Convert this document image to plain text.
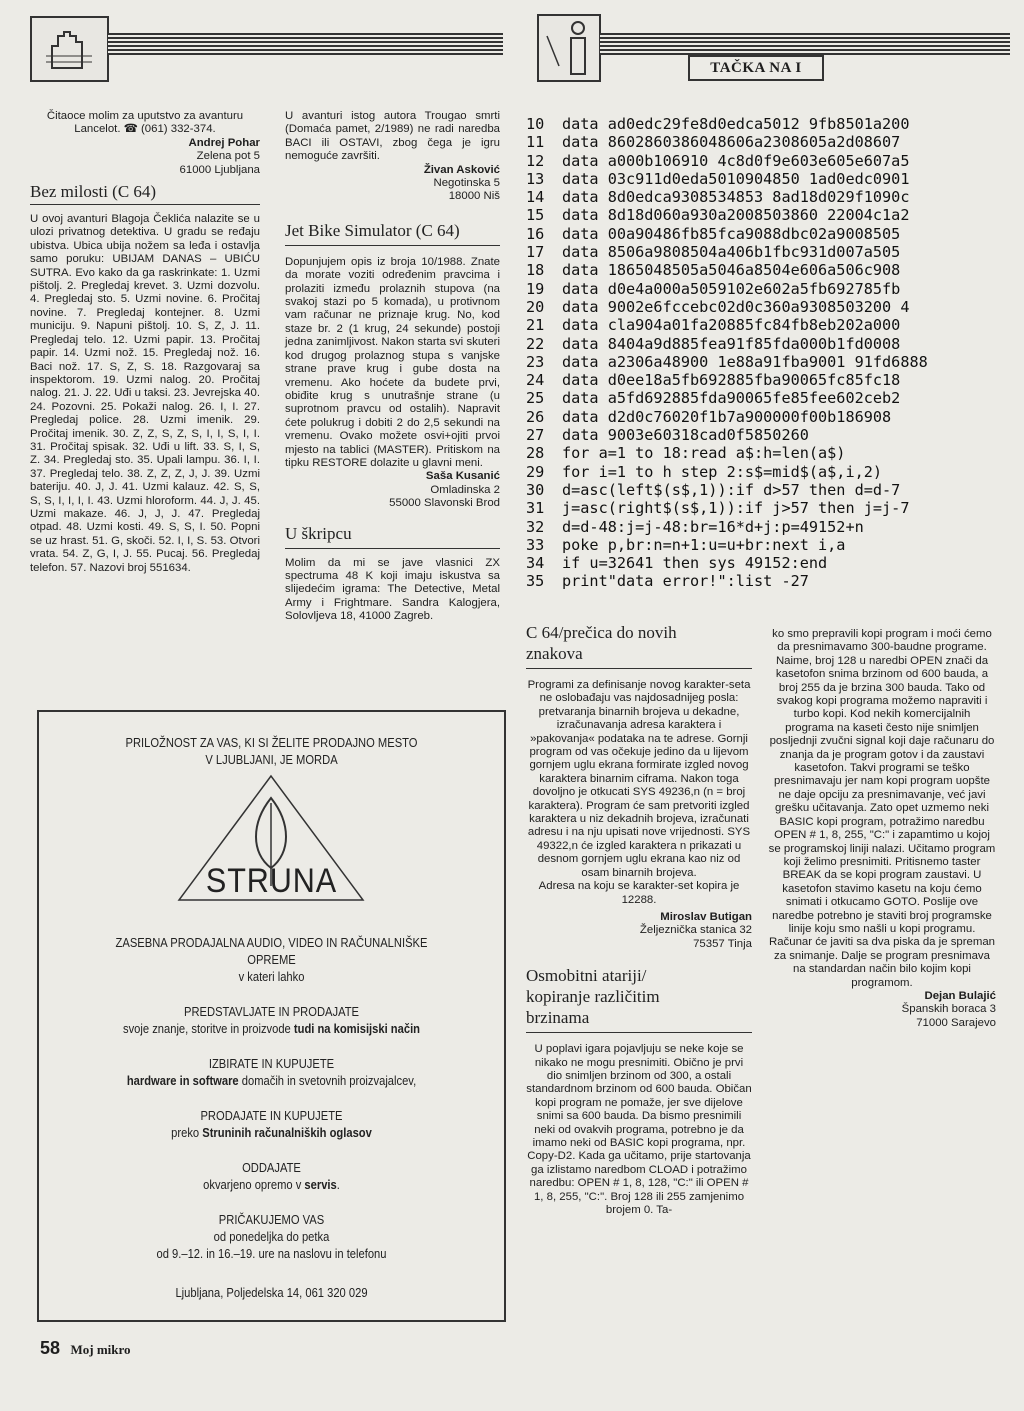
TAČKA NA I
Čitaoce molim za uputstvo za avanturu Lancelot. ☎ (061) 332-374.
Andrej Pohar
Zelena pot 5
61000 Ljubljana
Bez milosti (C 64)
U ovoj avanturi Blagoja Čeklića nalazite se u ulozi privatnog detektiva. U gradu se ređaju ubistva. Ubica ubija nožem sa leđa i ostavlja samo poruku: UBIJAM DANAS – UBIĆU SUTRA. Evo kako da ga raskrinkate: 1. Uzmi pištolj. 2. Pregledaj krevet. 3. Uzmi dozvolu. 4. Pregledaj sto. 5. Uzmi novine. 6. Pročitaj novine. 7. Pregledaj kontejner. 8. Uzmi municiju. 9. Napuni pištolj. 10. S, Z, J. 11. Pregledaj telo. 12. Uzmi papir. 13. Pročitaj papir. 14. Uzmi nož. 15. Pregledaj nož. 16. Baci nož. 17. S, Z, S. 18. Razgovaraj sa inspektorom. 19. Uzmi nalog. 20. Pročitaj nalog. 21. J. 22. Uđi u taksi. 23. Jevrejska 40. 24. Pozovni. 25. Pokaži nalog. 26. I, I. 27. Pregledaj police. 28. Uzmi imenik. 29. Pročitaj imenik. 30. Z, Z, S, Z, S, I, I, S, I, I. 31. Pročitaj spisak. 32. Uđi u lift. 33. S, I, S, Z. 34. Pregledaj sto. 35. Upali lampu. 36. I, I. 37. Pregledaj telo. 38. Z, Z, Z, J, J. 39. Uzmi bateriju. 40. J, J. 41. Uzmi kalauz. 42. S, S, S, S, I, I, I, I. 43. Uzmi hloroform. 44. J, J. 45. Uzmi makaze. 46. J, J, J. 47. Pregledaj otpad. 48. Uzmi kosti. 49. S, S, I. 50. Popni se uz hrast. 51. G, skoči. 52. I, I, S. 53. Otvori vrata. 54. Z, G, I, J. 55. Pucaj. 56. Pregledaj telefon. 57. Nazovi broj 551634.
U avanturi istog autora Trougao smrti (Domaća pamet, 2/1989) ne radi naredba BACI ili OSTAVI, zbog čega je igru nemoguće završiti.
Živan Asković
Negotinska 5
18000 Niš
Jet Bike Simulator (C 64)
Dopunjujem opis iz broja 10/1988. Znate da morate voziti određenim pravcima i prolaziti između prolaznih stupova (na svakoj stazi po 5 komada), u protivnom vam računar ne priznaje krug. No, kod staze br. 2 (1 krug, 24 sekunde) postoji jedna zanimljivost. Nakon starta svi skuteri kod drugog prolaznog stupa s vanjske strane prave krug i gube dosta na vremenu. Ako hoćete da budete prvi, obiđite krug s unutrašnje strane (u suprotnom pravcu od ostalih). Napravit ćete polukrug i dobiti 2 do 2,5 sekundi na vremenu. Ovako možete osvi+ojiti prvoi mjesto na tablici (MASTER). Pritiskom na tipku RESTORE dolazite u glavni meni.
Saša Kusanić
Omladinska 2
55000 Slavonski Brod
U škripcu
Molim da mi se jave vlasnici ZX spectruma 48 K koji imaju iskustva sa slijedećim igrama: The Detective, Metal Army i Frightmare. Sandra Kalogjera, Solovljeva 18, 41000 Zagreb.
10 data ad0edc29fe8d0edca5012 9fb8501a200
11 data 8602860386048606a2308605a2d08607
12 data a000b106910 4c8d0f9e603e605e607a5
13 data 03c911d0eda5010904850 1ad0edc0901
14 data 8d0edca9308534853 8ad18d029f1090c
15 data 8d18d060a930a2008503860 22004c1a2
16 data 00a90486fb85fca9088dbc02a9008505
17 data 8506a9808504a406b1fbc931d007a505
18 data 1865048505a5046a8504e606a506c908
19 data d0e4a000a5059102e602a5fb692785fb
20 data 9002e6fccebc02d0c360a9308503200 4
21 data cla904a01fa20885fc84fb8eb202a000
22 data 8404a9d885fea91f85fda000b1fd0008
23 data a2306a48900 1e88a91fba9001 91fd6888
24 data d0ee18a5fb692885fba90065fc85fc18
25 data a5fd692885fda90065fe85fee602ceb2
26 data d2d0c76020f1b7a900000f00b186908
27 data 9003e60318cad0f5850260
28 for a=1 to 18:read a$:h=len(a$)
29 for i=1 to h step 2:s$=mid$(a$,i,2)
30 d=asc(left$(s$,1)):if d>57 then d=d-7
31 j=asc(right$(s$,1)):if j>57 then j=j-7
32 d=d-48:j=j-48:br=16*d+j:p=49152+n
33 poke p,br:n=n+1:u=u+br:next i,a
34 if u=32641 then sys 49152:end
35 print"data error!":list -27
C 64/prečica do novih
znakova
Programi za definisanje novog karakter-seta ne oslobađaju vas najdosadnijeg posla: pretvaranja binarnih brojeva u dekadne, izračunavanja adresa karaktera i »pakovanja« podataka na te adrese. Gornji program od vas očekuje jedino da u lijevom gornjem uglu ekrana formirate izgled novog karaktera binarnim ciframa. Nakon toga dovoljno je otkucati SYS 49236,n (n = broj karaktera). Program će sam pretvoriti izgled karaktera u niz dekadnih brojeva, izračunati adresu i na nju upisati nove vrijednosti. SYS 49322,n će izgled karaktera n prikazati u desnom gornjem uglu ekrana kao niz od osam binarnih brojeva.
Adresa na koju se karakter-set kopira je 12288.
Miroslav Butigan
Željeznička stanica 32
75357 Tinja
Osmobitni atariji/
kopiranje različitim
brzinama
U poplavi igara pojavljuju se neke koje se nikako ne mogu presnimiti. Obično je prvi dio snimljen brzinom od 300, a ostali standardnom brzinom od 600 bauda. Običan kopi program ne pomaže, jer sve dijelove snimi sa 600 bauda. Da bismo presnimili neki od ovakvih programa, potrebno je da imamo neki od BASIC kopi programa, npr. Copy-D2. Kada ga učitamo, prije startovanja ga izlistamo naredbom CLOAD i potražimo naredbu: OPEN # 1, 8, 128, "C:" ili OPEN # 1, 8, 255, "C:". Broj 128 ili 255 zamjenimo brojem 0. Ta-
ko smo prepravili kopi program i moći ćemo da presnimavamo 300-baudne programe. Naime, broj 128 u naredbi OPEN znači da kasetofon snima brzinom od 600 bauda, a broj 255 da je brzina 300 bauda. Tako od svakog kopi programa možemo napraviti i turbo kopi. Kod nekih komercijalnih programa na kaseti često nije snimljen posljednji zvučni signal koji daje računaru do znanja da je program gotov i da zaustavi kasetofon. Takvi programi se teško presnimavaju jer nam kopi program uopšte ne daje opciju za presnimavanje, već javi grešku učitavanja. Zato opet uzmemo neki BASIC kopi program, potražimo naredbu OPEN # 1, 8, 255, "C:" i zapamtimo u kojoj se programskoj liniji nalazi. Učitamo program koji želimo presnimiti. Pritisnemo taster BREAK da se kopi program zaustavi. U kasetofon stavimo kasetu na koju ćemo snimati i otkucamo GOTO. Poslije ove naredbe potrebno je staviti broj programske linije koju smo našli u kopi programu. Računar će javiti sa dva piska da je spreman za snimanje. Dalje se program presnimava na standardan način bilo kojim kopi programom.
Dejan Bulajić
Španskih boraca 3
71000 Sarajevo

PRILOŽNOST ZA VAS, KI SI ŽELITE PRODAJNO MESTO

V LJUBLJANI, JE MORDA

STRUNA

ZASEBNA PRODAJALNA AUDIO, VIDEO IN RAČUNALNIŠKE

OPREME

v kateri lahko

PREDSTAVLJATE IN PRODAJATE

svoje znanje, storitve in proizvode tudi na komisijski način

IZBIRATE IN KUPUJETE

hardware in software domačih in svetovnih proizvajalcev,

PRODAJATE IN KUPUJETE

preko Struninih računalniških oglasov

ODDAJATE

okvarjeno opremo v servis.

PRIČAKUJEMO VAS

od ponedeljka do petka

od 9.–12. in 16.–19. ure na naslovu in telefonu

Ljubljana, Poljedelska 14, 061 320 029

58 Moj mikro
